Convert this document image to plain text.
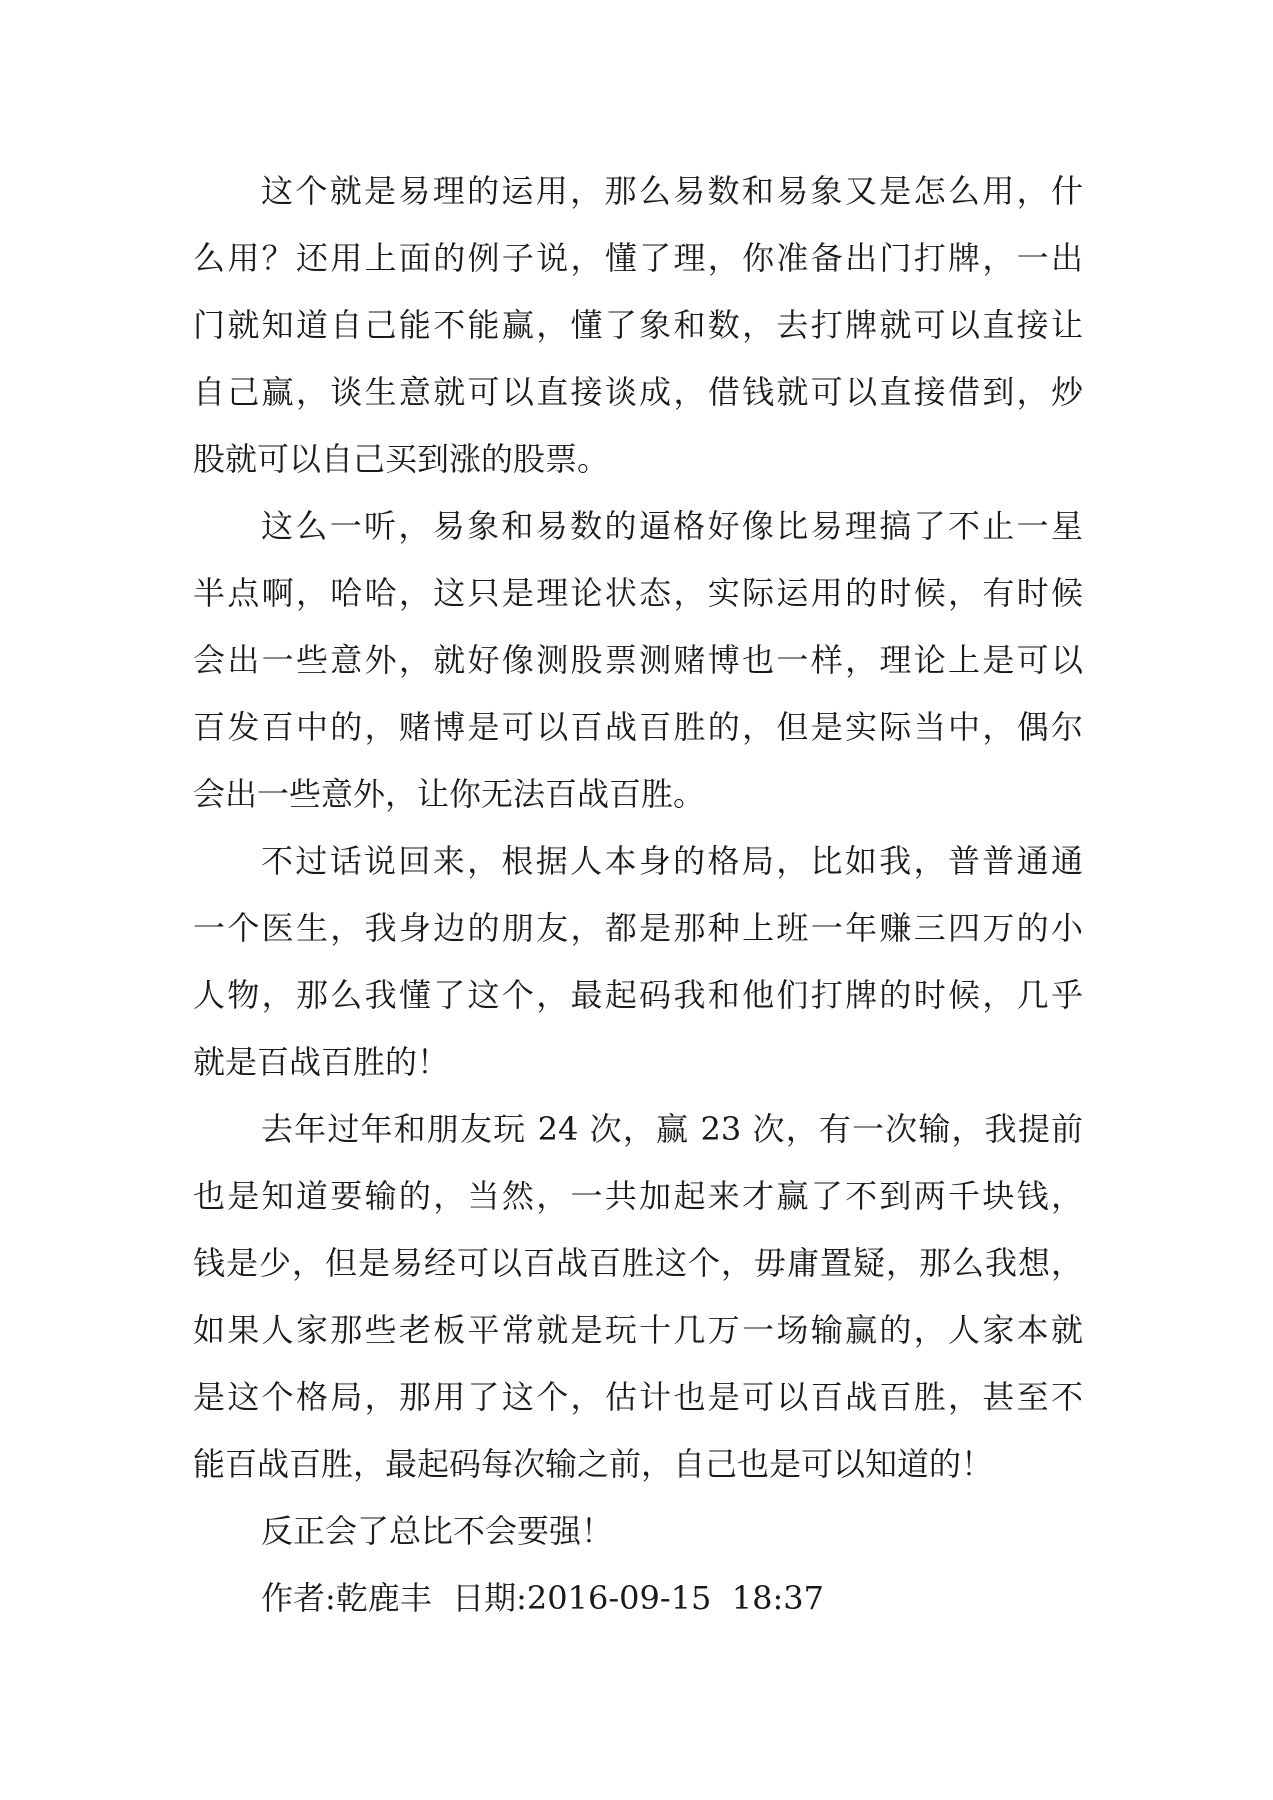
这个就是易理的运用，那么易数和易象又是怎么用，什
么用？还用上面的例子说，懂了理，你准备出门打牌，一出
门就知道自己能不能赢，懂了象和数，去打牌就可以直接让
自己赢，谈生意就可以直接谈成，借钱就可以直接借到，炒
股就可以自己买到涨的股票。
这么一听，易象和易数的逼格好像比易理搞了不止一星
半点啊，哈哈，这只是理论状态，实际运用的时候，有时候
会出一些意外，就好像测股票测赌博也一样，理论上是可以
百发百中的，赌博是可以百战百胜的，但是实际当中，偶尔
会出一些意外，让你无法百战百胜。
不过话说回来，根据人本身的格局，比如我，普普通通
一个医生，我身边的朋友，都是那种上班一年赚三四万的小
人物，那么我懂了这个，最起码我和他们打牌的时候，几乎
就是百战百胜的！
去年过年和朋友玩 24 次，赢 23 次，有一次输，我提前
也是知道要输的，当然，一共加起来才赢了不到两千块钱，
钱是少，但是易经可以百战百胜这个，毋庸置疑，那么我想，
如果人家那些老板平常就是玩十几万一场输赢的，人家本就
是这个格局，那用了这个，估计也是可以百战百胜，甚至不
能百战百胜，最起码每次输之前，自己也是可以知道的！
反正会了总比不会要强！
作者:乾鹿丰  日期:2016-09-15  18:37
